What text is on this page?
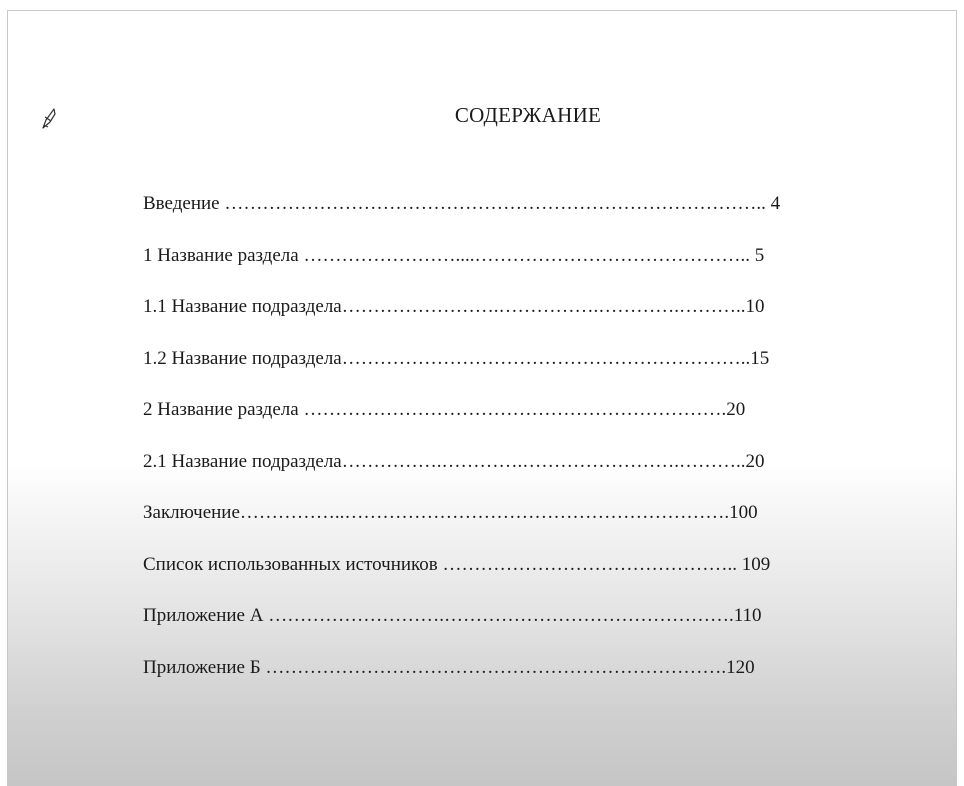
СОДЕРЖАНИЕ
Введение ………………………………………………………………………….. 4
1 Название раздела ……………………....…………………………………….. 5
1.1 Название подраздела…………………….…………….………….………..10
1.2 Название подраздела………………………………………………………..15
2 Название раздела ………………………………………………………….20
2.1 Название подраздела…………….………….…………………….………..20
Заключение……………..…………………………………………………….100
Список использованных источников ……………………………………….. 109
Приложение А ……………………….……………………………………….110
Приложение Б ……………………………………………………………….120
